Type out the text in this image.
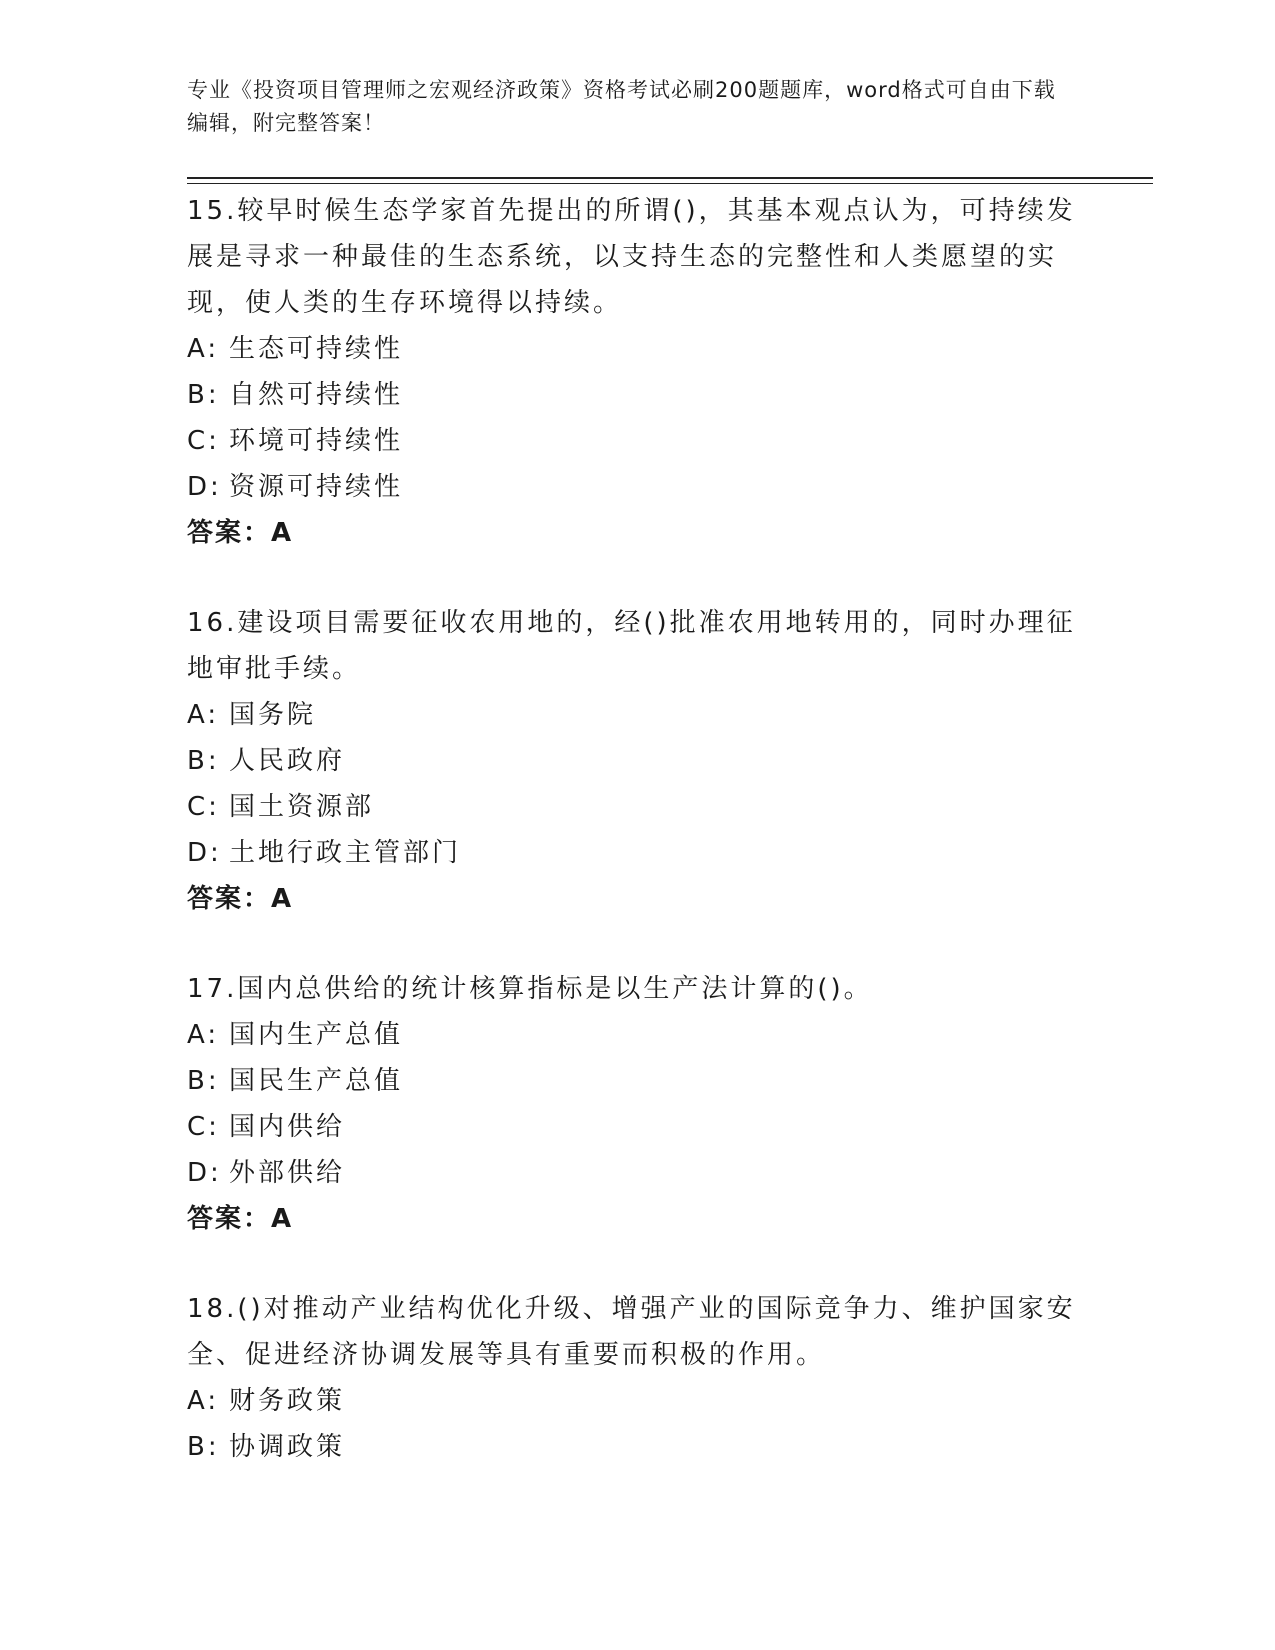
专业《投资项目管理师之宏观经济政策》资格考试必刷200题题库，word格式可自由下载编辑，附完整答案！
15.较早时候生态学家首先提出的所谓()，其基本观点认为，可持续发展是寻求一种最佳的生态系统，以支持生态的完整性和人类愿望的实现，使人类的生存环境得以持续。
A: 生态可持续性
B: 自然可持续性
C: 环境可持续性
D: 资源可持续性
答案：A
16.建设项目需要征收农用地的，经()批准农用地转用的，同时办理征地审批手续。
A: 国务院
B: 人民政府
C: 国土资源部
D: 土地行政主管部门
答案：A
17.国内总供给的统计核算指标是以生产法计算的()。
A: 国内生产总值
B: 国民生产总值
C: 国内供给
D: 外部供给
答案：A
18.()对推动产业结构优化升级、增强产业的国际竞争力、维护国家安全、促进经济协调发展等具有重要而积极的作用。
A: 财务政策
B: 协调政策
